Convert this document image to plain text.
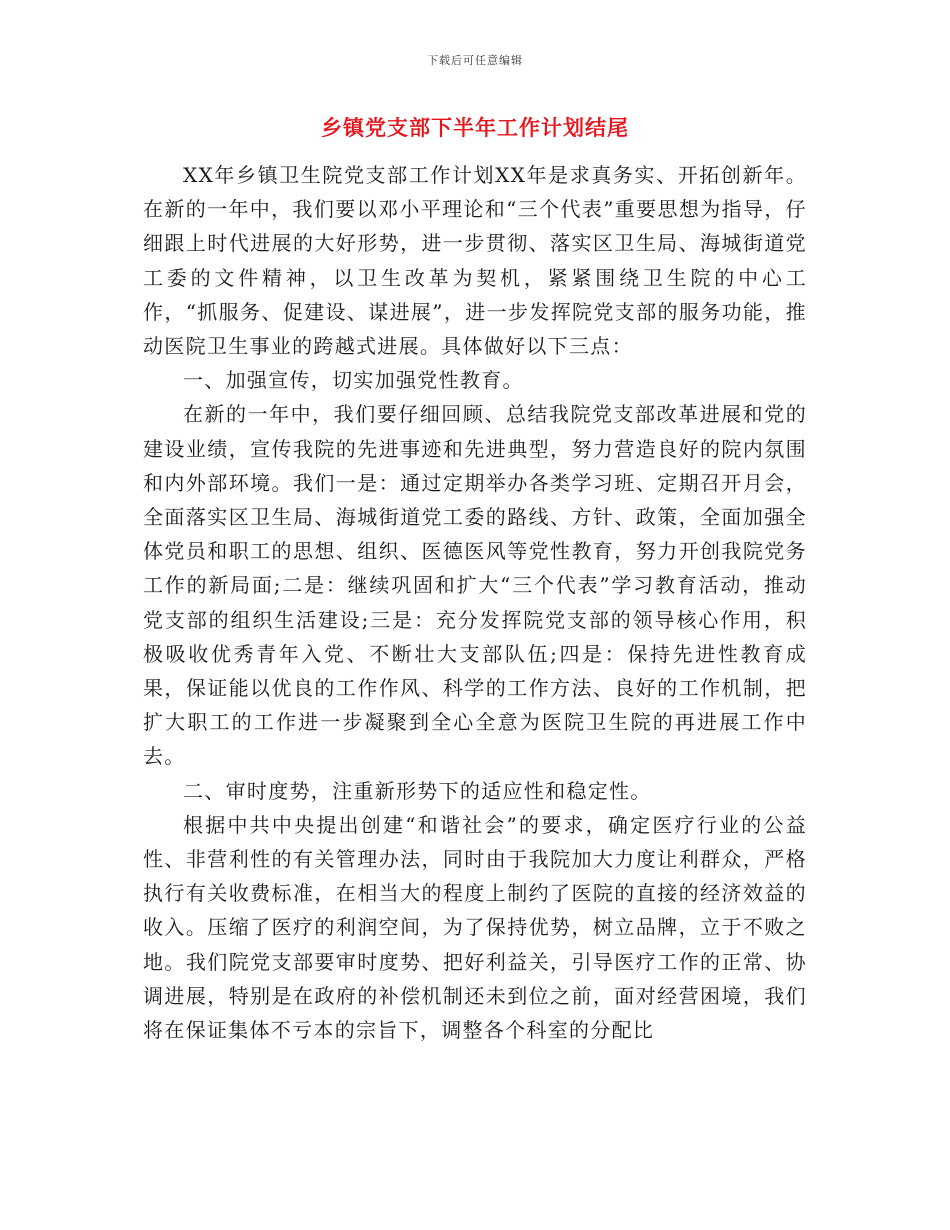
下载后可任意编辑
乡镇党支部下半年工作计划结尾

XX年乡镇卫生院党支部工作计划XX年是求真务实、开拓创新年。在新的一年中，我们要以邓小平理论和“三个代表”重要思想为指导，仔细跟上时代进展的大好形势，进一步贯彻、落实区卫生局、海城街道党工委的文件精神，以卫生改革为契机，紧紧围绕卫生院的中心工作，“抓服务、促建设、谋进展”，进一步发挥院党支部的服务功能，推动医院卫生事业的跨越式进展。具体做好以下三点：

一、加强宣传，切实加强党性教育。

在新的一年中，我们要仔细回顾、总结我院党支部改革进展和党的建设业绩，宣传我院的先进事迹和先进典型，努力营造良好的院内氛围和内外部环境。我们一是：通过定期举办各类学习班、定期召开月会，全面落实区卫生局、海城街道党工委的路线、方针、政策，全面加强全体党员和职工的思想、组织、医德医风等党性教育，努力开创我院党务工作的新局面;二是：继续巩固和扩大“三个代表”学习教育活动，推动党支部的组织生活建设;三是：充分发挥院党支部的领导核心作用，积极吸收优秀青年入党、不断壮大支部队伍;四是：保持先进性教育成果，保证能以优良的工作作风、科学的工作方法、良好的工作机制，把扩大职工的工作进一步凝聚到全心全意为医院卫生院的再进展工作中去。

二、审时度势，注重新形势下的适应性和稳定性。

根据中共中央提出创建“和谐社会”的要求，确定医疗行业的公益性、非营利性的有关管理办法，同时由于我院加大力度让利群众，严格执行有关收费标准，在相当大的程度上制约了医院的直接的经济效益的收入。压缩了医疗的利润空间，为了保持优势，树立品牌，立于不败之地。我们院党支部要审时度势、把好利益关，引导医疗工作的正常、协调进展，特别是在政府的补偿机制还未到位之前，面对经营困境，我们将在保证集体不亏本的宗旨下，调整各个科室的分配比
